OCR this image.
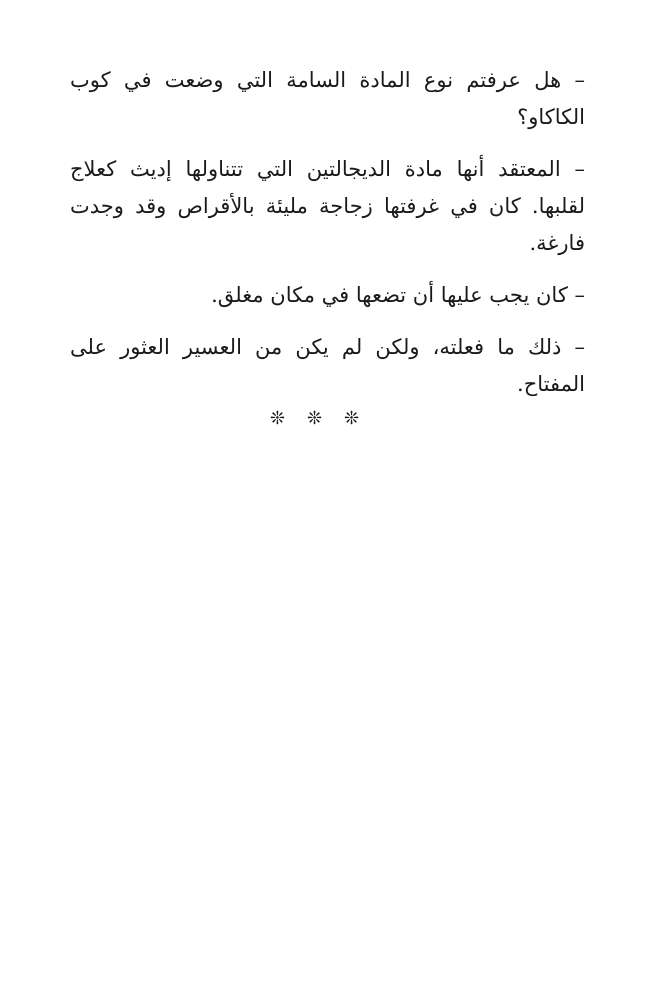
– هل عرفتم نوع المادة السامة التي وضعت في كوب الكاكاو؟

– المعتقد أنها مادة الديجالتين التي تتناولها إديث كعلاج لقلبها. كان في غرفتها زجاجة مليئة بالأقراص وقد وجدت فارغة.

– كان يجب عليها أن تضعها في مكان مغلق.

– ذلك ما فعلته، ولكن لم يكن من العسير العثور على المفتاح.

❊❊❊
